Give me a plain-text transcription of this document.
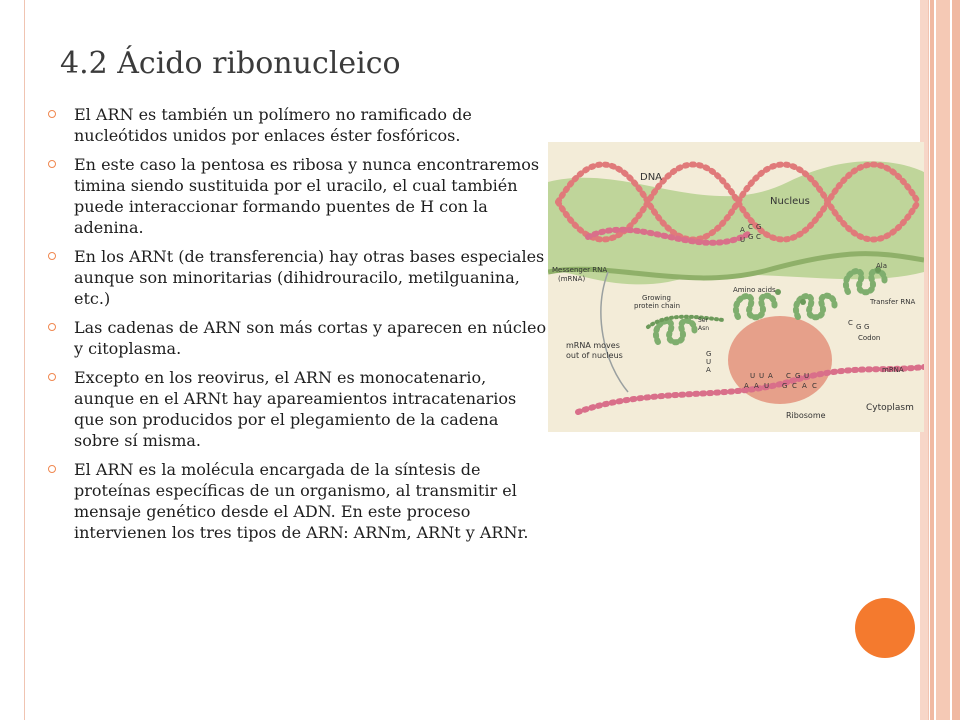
4.2 Ácido ribonucleico
El ARN es también un polímero no ramificado de nucleótidos unidos por enlaces éster fosfóricos.
En este caso la pentosa es ribosa y nunca encontraremos timina siendo sustituida por el uracilo, el cual también puede interaccionar formando puentes de H con la adenina.
En los ARNt (de transferencia) hay otras bases especiales aunque son minoritarias (dihidrouracilo, metilguanina, etc.)
Las cadenas de ARN son más cortas y aparecen en núcleo y citoplasma.
Excepto en los reovirus, el ARN es monocatenario, aunque en el ARNt hay apareamientos intracatenarios que son producidos por el plegamiento de la cadena sobre sí misma.
El ARN es la molécula encargada de la síntesis de proteínas específicas de un organismo, al transmitir el mensaje genético desde el ADN. En este proceso intervienen los tres tipos de ARN: ARNm, ARNt y ARNr.
DNA
Nucleus
A C G
U G C
Messenger RNA
(mRNA)
Amino acids
Transfer RNA
Ala
Growing
protein chain
Ser
Asn
C G G
Codon
G
U
A
mRNA moves
out of nucleus
U U A C G U
A A U G C A C
mRNA
Cytoplasm
Ribosome
